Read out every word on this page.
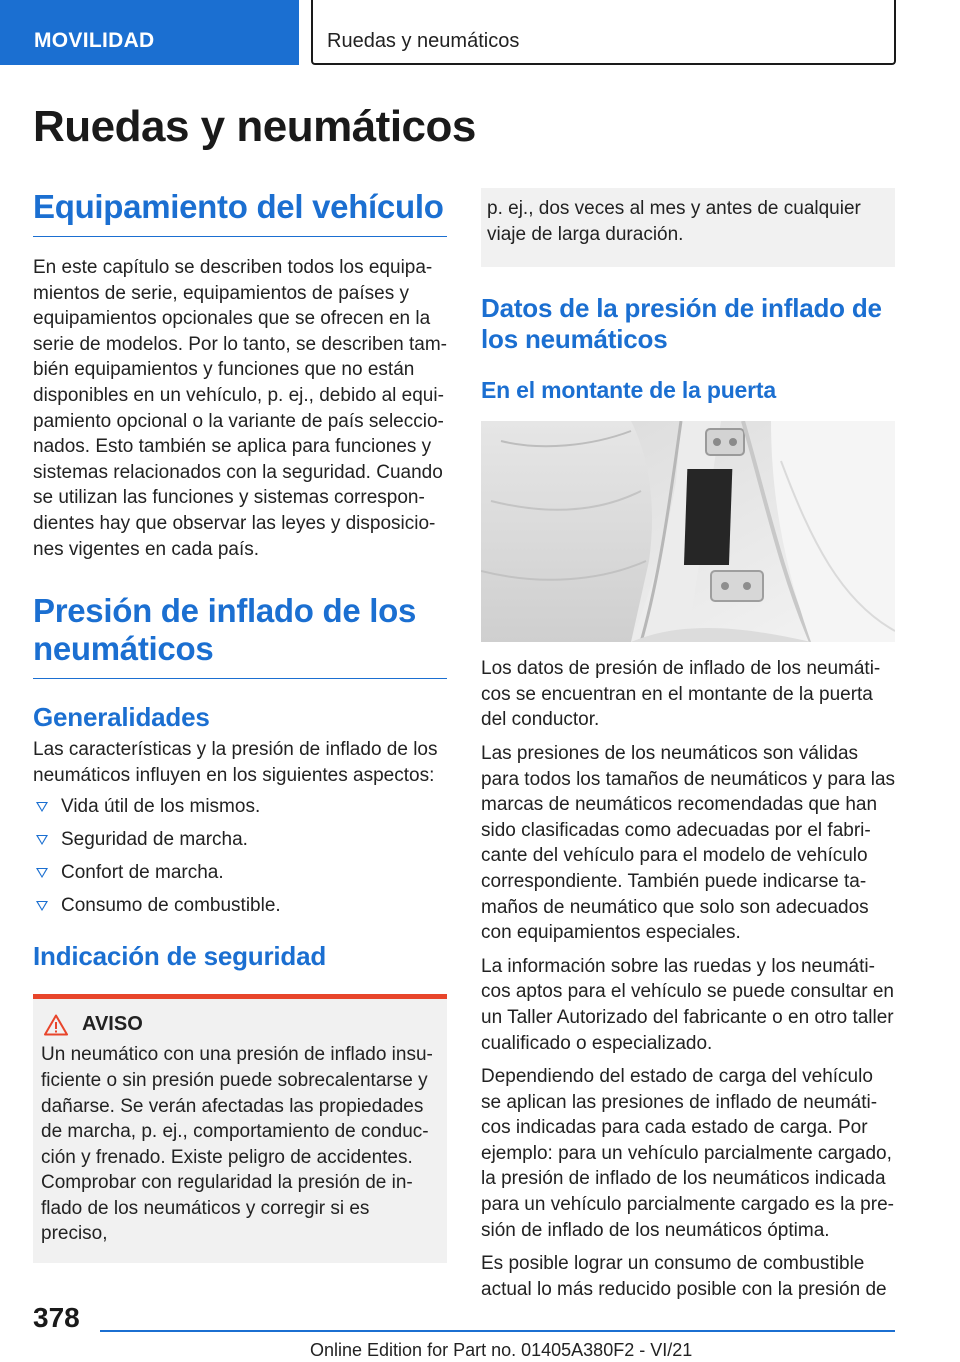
MOVILIDAD	Ruedas y neumáticos
Ruedas y neumáticos
Equipamiento del vehículo
En este capítulo se describen todos los equipa-mientos de serie, equipamientos de países y equipamientos opcionales que se ofrecen en la serie de modelos. Por lo tanto, se describen tam-bién equipamientos y funciones que no están disponibles en un vehículo, p. ej., debido al equi-pamiento opcional o la variante de país seleccio-nados. Esto también se aplica para funciones y sistemas relacionados con la seguridad. Cuando se utilizan las funciones y sistemas correspon-dientes hay que observar las leyes y disposicio-nes vigentes en cada país.
Presión de inflado de los neumáticos
Generalidades
Las características y la presión de inflado de los neumáticos influyen en los siguientes aspectos:
Vida útil de los mismos.
Seguridad de marcha.
Confort de marcha.
Consumo de combustible.
Indicación de seguridad
AVISO
Un neumático con una presión de inflado insu-ficiente o sin presión puede sobrecalentarse y dañarse. Se verán afectadas las propiedades de marcha, p. ej., comportamiento de conduc-ción y frenado. Existe peligro de accidentes. Comprobar con regularidad la presión de in-flado de los neumáticos y corregir si es preciso,
p. ej., dos veces al mes y antes de cualquier viaje de larga duración.
Datos de la presión de inflado de los neumáticos
En el montante de la puerta
Los datos de presión de inflado de los neumáti-cos se encuentran en el montante de la puerta del conductor.
Las presiones de los neumáticos son válidas para todos los tamaños de neumáticos y para las marcas de neumáticos recomendadas que han sido clasificadas como adecuadas por el fabri-cante del vehículo para el modelo de vehículo correspondiente. También puede indicarse ta-maños de neumático que solo son adecuados con equipamientos especiales.
La información sobre las ruedas y los neumáti-cos aptos para el vehículo se puede consultar en un Taller Autorizado del fabricante o en otro taller cualificado o especializado.
Dependiendo del estado de carga del vehículo se aplican las presiones de inflado de neumáti-cos indicadas para cada estado de carga. Por ejemplo: para un vehículo parcialmente cargado, la presión de inflado de los neumáticos indicada para un vehículo parcialmente cargado es la pre-sión de inflado de los neumáticos óptima.
Es posible lograr un consumo de combustible actual lo más reducido posible con la presión de
378
Online Edition for Part no. 01405A380F2 - VI/21
